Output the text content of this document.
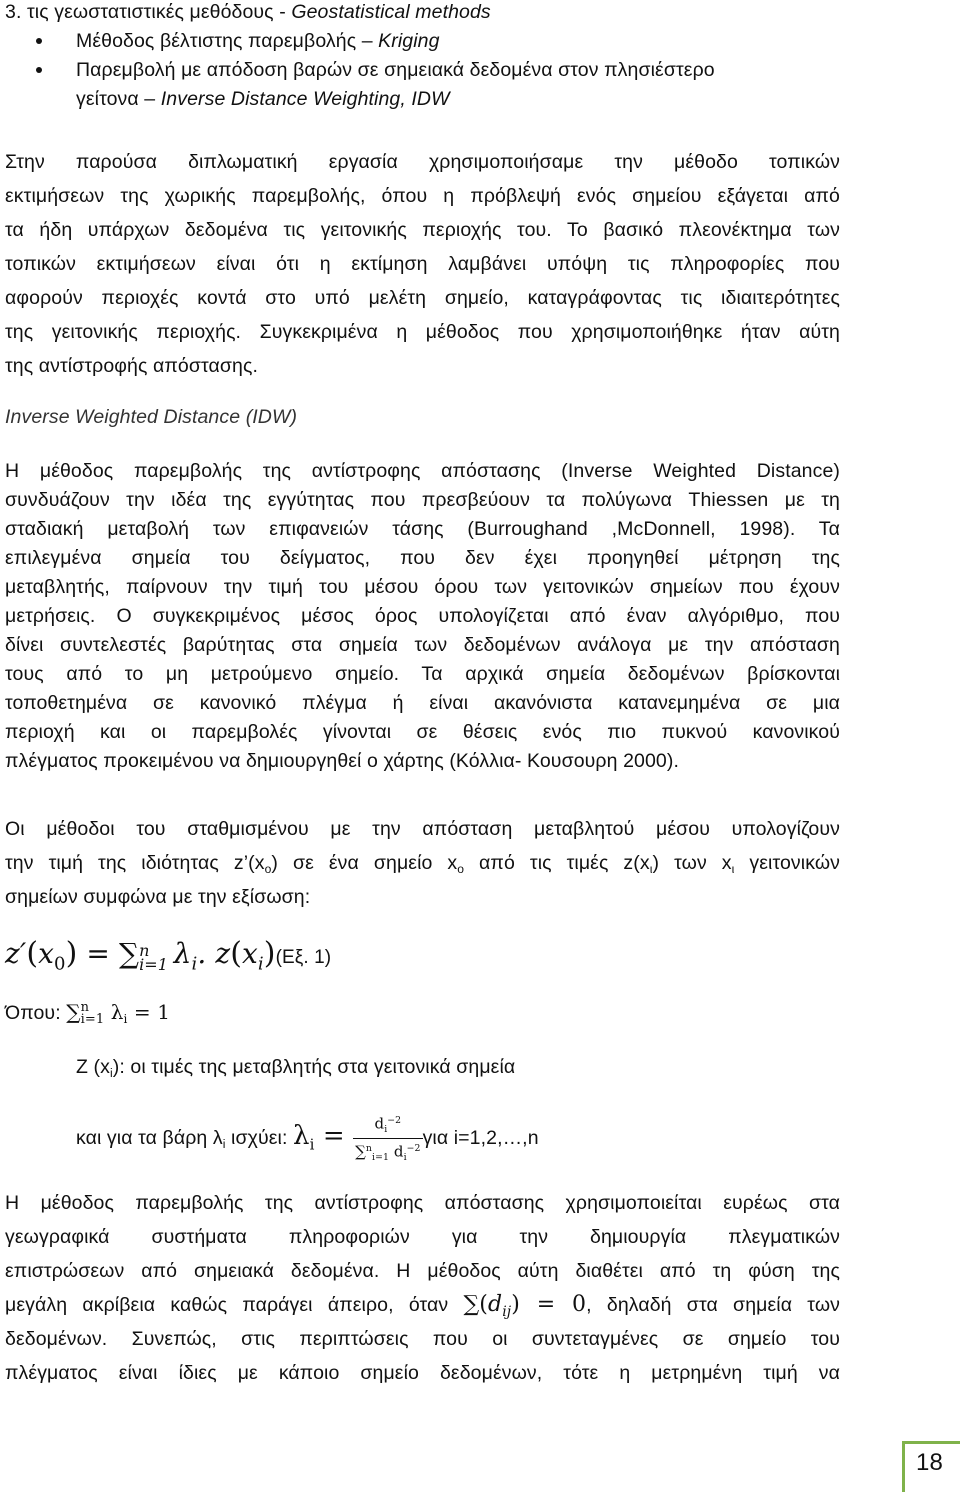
3. τις γεωστατιστικές μεθόδους - Geostatistical methods
Μέθοδος βέλτιστης παρεμβολής – Kriging
Παρεμβολή με απόδοση βαρών σε σημειακά δεδομένα στον πλησιέστερο
γείτονα – Inverse Distance Weighting, IDW
Στην παρούσα διπλωματική εργασία χρησιμοποιήσαμε την μέθοδο τοπικών
εκτιμήσεων της χωρικής παρεμβολής, όπου η πρόβλεψή ενός σημείου εξάγεται από
τα ήδη υπάρχων δεδομένα τις γειτονικής περιοχής του. Το βασικό πλεονέκτημα των
τοπικών εκτιμήσεων είναι ότι η εκτίμηση λαμβάνει υπόψη τις πληροφορίες που
αφορούν περιοχές κοντά στο υπό μελέτη σημείο, καταγράφοντας τις ιδιαιτερότητες
της γειτονικής περιοχής. Συγκεκριμένα η μέθοδος που χρησιμοποιήθηκε ήταν αύτη
της αντίστροφής απόστασης.
Inverse Weighted Distance (IDW)
Η μέθοδος παρεμβολής της αντίστροφης απόστασης (Inverse Weighted Distance)
συνδυάζουν την ιδέα της εγγύτητας που πρεσβεύουν τα πολύγωνα Thiessen με τη
σταδιακή μεταβολή των επιφανειών τάσης (Burroughand ,McDonnell, 1998). Τα
επιλεγμένα σημεία του δείγματος, που δεν έχει προηγηθεί μέτρηση της
μεταβλητής, παίρνουν την τιμή του μέσου όρου των γειτονικών σημείων που έχουν
μετρήσεις. Ο συγκεκριμένος μέσος όρος υπολογίζεται από έναν αλγόριθμο, που
δίνει συντελεστές βαρύτητας στα σημεία των δεδομένων ανάλογα με την απόσταση
τους από το μη μετρούμενο σημείο. Τα αρχικά σημεία δεδομένων βρίσκονται
τοποθετημένα σε κανονικό πλέγμα ή είναι ακανόνιστα κατανεμημένα σε μια
περιοχή και οι παρεμβολές γίνονται σε θέσεις ενός πιο πυκνού κανονικού
πλέγματος προκειμένου να δημιουργηθεί ο χάρτης (Κόλλια- Κουσουρη 2000).
Οι μέθοδοι του σταθμισμένου με την απόσταση μεταβλητού μέσου υπολογίζουν
την τιμή της ιδιότητας $z’(x_o)$ σε ένα σημείο $x_o$ από τις τιμές $z(x_\iota)$ των $x_\iota$ γειτονικών
σημείων συμφώνα με την εξίσωση:
z′(x0) = ∑ n
i=1 λi. z(xi)(Εξ. 1)
Όπου: ∑ n
i=1 $\lambda_i = 1$
Z $(x_i)$: οι τιμές της μεταβλητής στα γειτονικά σημεία
και για τα βάρη $\lambda_i$ ισχύει: $\lambda_i = \frac{d_i^{-2}}{\sum^n_{i=1} d_i^{-2}}$ για i=1,2,…,n
Η μέθοδος παρεμβολής της αντίστροφης απόστασης χρησιμοποιείται ευρέως στα
γεωγραφικά συστήματα πληροφοριών για την δημιουργία πλεγματικών
επιστρώσεων από σημειακά δεδομένα. Η μέθοδος αύτη διαθέτει από τη φύση της
μεγάλη ακρίβεια καθώς παράγει άπειρο, όταν $\sum(d_{ij}) = 0$, δηλαδή στα σημεία των
δεδομένων. Συνεπώς, στις περιπτώσεις που οι συντεταγμένες σε σημείο του
πλέγματος είναι ίδιες με κάποιο σημείο δεδομένων, τότε η μετρημένη τιμή να
18
